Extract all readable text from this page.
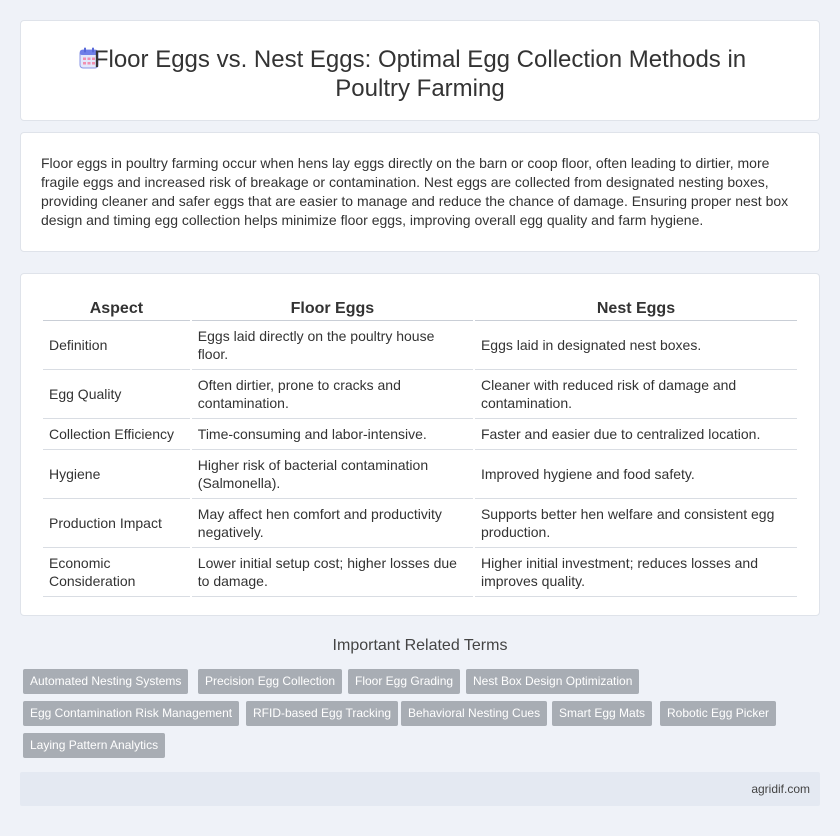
Floor Eggs vs. Nest Eggs: Optimal Egg Collection Methods in Poultry Farming

Floor eggs in poultry farming occur when hens lay eggs directly on the barn or coop floor, often leading to dirtier, more fragile eggs and increased risk of breakage or contamination. Nest eggs are collected from designated nesting boxes, providing cleaner and safer eggs that are easier to manage and reduce the chance of damage. Ensuring proper nest box design and timing egg collection helps minimize floor eggs, improving overall egg quality and farm hygiene.

Aspect	Floor Eggs	Nest Eggs
Definition	Eggs laid directly on the poultry house floor.	Eggs laid in designated nest boxes.
Egg Quality	Often dirtier, prone to cracks and contamination.	Cleaner with reduced risk of damage and contamination.
Collection Efficiency	Time-consuming and labor-intensive.	Faster and easier due to centralized location.
Hygiene	Higher risk of bacterial contamination (Salmonella).	Improved hygiene and food safety.
Production Impact	May affect hen comfort and productivity negatively.	Supports better hen welfare and consistent egg production.
Economic Consideration	Lower initial setup cost; higher losses due to damage.	Higher initial investment; reduces losses and improves quality.
Important Related Terms
Automated Nesting Systems	Precision Egg Collection	Floor Egg Grading	Nest Box Design Optimization
Egg Contamination Risk Management	RFID-based Egg Tracking	Behavioral Nesting Cues	Smart Egg Mats	Robotic Egg Picker
Laying Pattern Analytics
agridif.com
